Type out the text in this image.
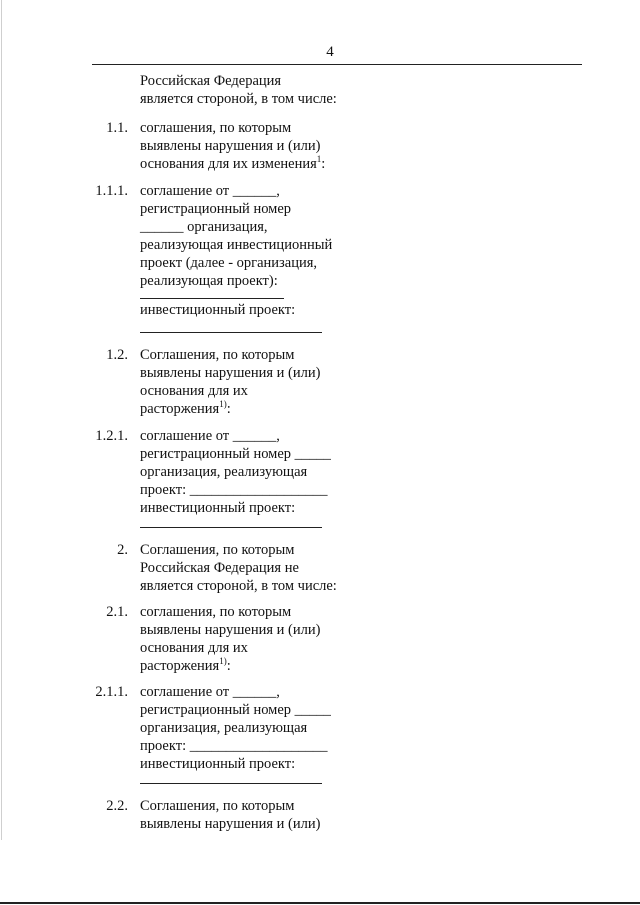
4
Российская Федерация
является стороной, в том числе:
1.1. соглашения, по которым
выявлены нарушения и (или)
основания для их изменения$^1$:
1.1.1. соглашение от ______,
регистрационный номер
______ организация,
реализующая инвестиционный
проект (далее - организация,
реализующая проект):
инвестиционный проект:
1.2. Соглашения, по которым
выявлены нарушения и (или)
основания для их
расторжения$^{1)}$:
1.2.1. соглашение от ______,
регистрационный номер _____
организация, реализующая
проект: ___________________
инвестиционный проект:
2. Соглашения, по которым
Российская Федерация не
является стороной, в том числе:
2.1. соглашения, по которым
выявлены нарушения и (или)
основания для их
расторжения$^{1)}$:
2.1.1. соглашение от ______,
регистрационный номер _____
организация, реализующая
проект: ___________________
инвестиционный проект:
2.2. Соглашения, по которым
выявлены нарушения и (или)
